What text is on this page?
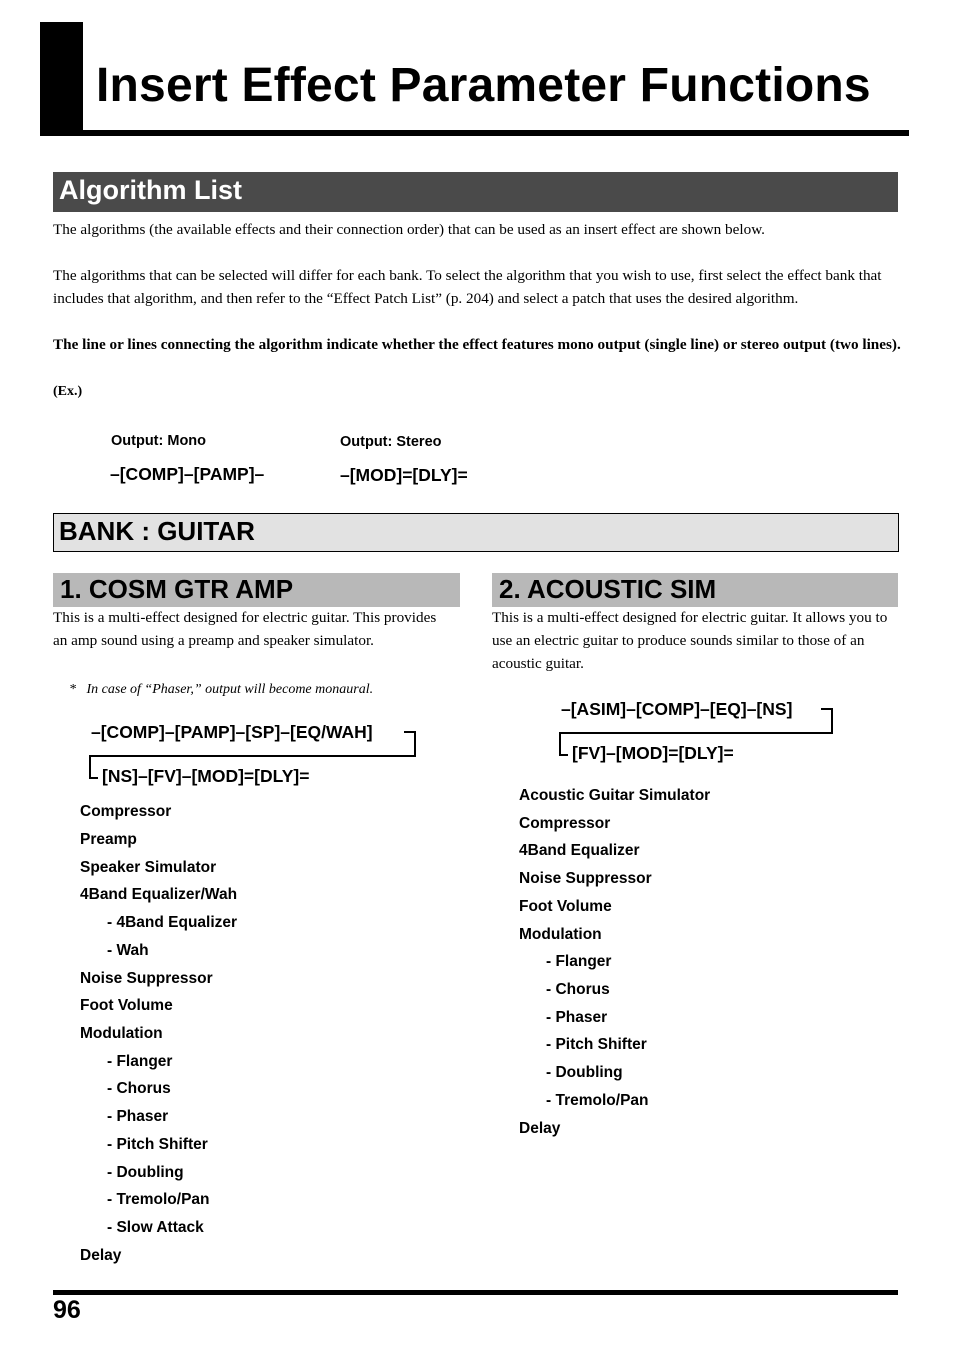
Insert Effect Parameter Functions
Algorithm List
The algorithms (the available effects and their connection order) that can be used as an insert effect are shown below.
The algorithms that can be selected will differ for each bank. To select the algorithm that you wish to use, first select the effect bank that includes that algorithm, and then refer to the “Effect Patch List” (p. 204) and select a patch that uses the desired algorithm.
The line or lines connecting the algorithm indicate whether the effect features mono output (single line) or stereo output (two lines).
(Ex.)
Output: Mono
–[COMP]–[PAMP]–
Output: Stereo
–[MOD]=[DLY]=
BANK : GUITAR
1. COSM GTR AMP
This is a multi-effect designed for electric guitar. This provides an amp sound using a preamp and speaker simulator.
*   In case of “Phaser,” output will become monaural.
–[COMP]–[PAMP]–[SP]–[EQ/WAH]
[NS]–[FV]–[MOD]=[DLY]=
Compressor
Preamp
Speaker Simulator
4Band Equalizer/Wah
- 4Band Equalizer
- Wah
Noise Suppressor
Foot Volume
Modulation
- Flanger
- Chorus
- Phaser
- Pitch Shifter
- Doubling
- Tremolo/Pan
- Slow Attack
Delay
2. ACOUSTIC SIM
This is a multi-effect designed for electric guitar. It allows you to use an electric guitar to produce sounds similar to those of an acoustic guitar.
–[ASIM]–[COMP]–[EQ]–[NS]
[FV]–[MOD]=[DLY]=
Acoustic Guitar Simulator
Compressor
4Band Equalizer
Noise Suppressor
Foot Volume
Modulation
- Flanger
- Chorus
- Phaser
- Pitch Shifter
- Doubling
- Tremolo/Pan
Delay
96
